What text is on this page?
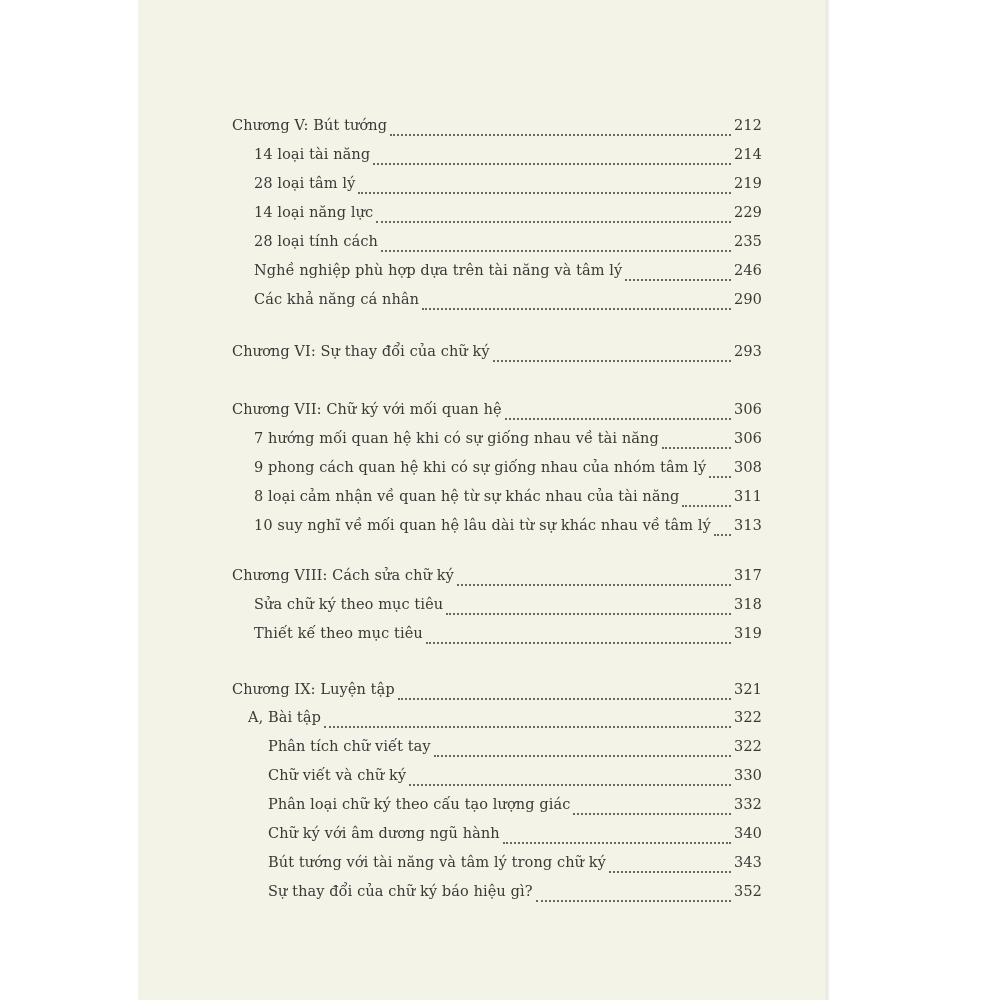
Chương V: Bút tướng	212
14 loại tài năng	214
28 loại tâm lý	219
14 loại năng lực	229
28 loại tính cách	235
Nghề nghiệp phù hợp dựa trên tài năng và tâm lý	246
Các khả năng cá nhân	290
Chương VI: Sự thay đổi của chữ ký	293
Chương VII: Chữ ký với mối quan hệ	306
7 hướng mối quan hệ khi có sự giống nhau về tài năng	306
9 phong cách quan hệ khi có sự giống nhau của nhóm tâm lý 308
8 loại cảm nhận về quan hệ từ sự khác nhau của tài năng	311
10 suy nghĩ về mối quan hệ lâu dài từ sự khác nhau về tâm lý 313
Chương VIII: Cách sửa chữ ký	317
Sửa chữ ký theo mục tiêu	318
Thiết kế theo mục tiêu	319
Chương IX: Luyện tập	321
A, Bài tập	322
Phân tích chữ viết tay	322
Chữ viết và chữ ký	330
Phân loại chữ ký theo cấu tạo lượng giác	332
Chữ ký với âm dương ngũ hành	340
Bút tướng với tài năng và tâm lý trong chữ ký	343
Sự thay đổi của chữ ký báo hiệu gì?	352
